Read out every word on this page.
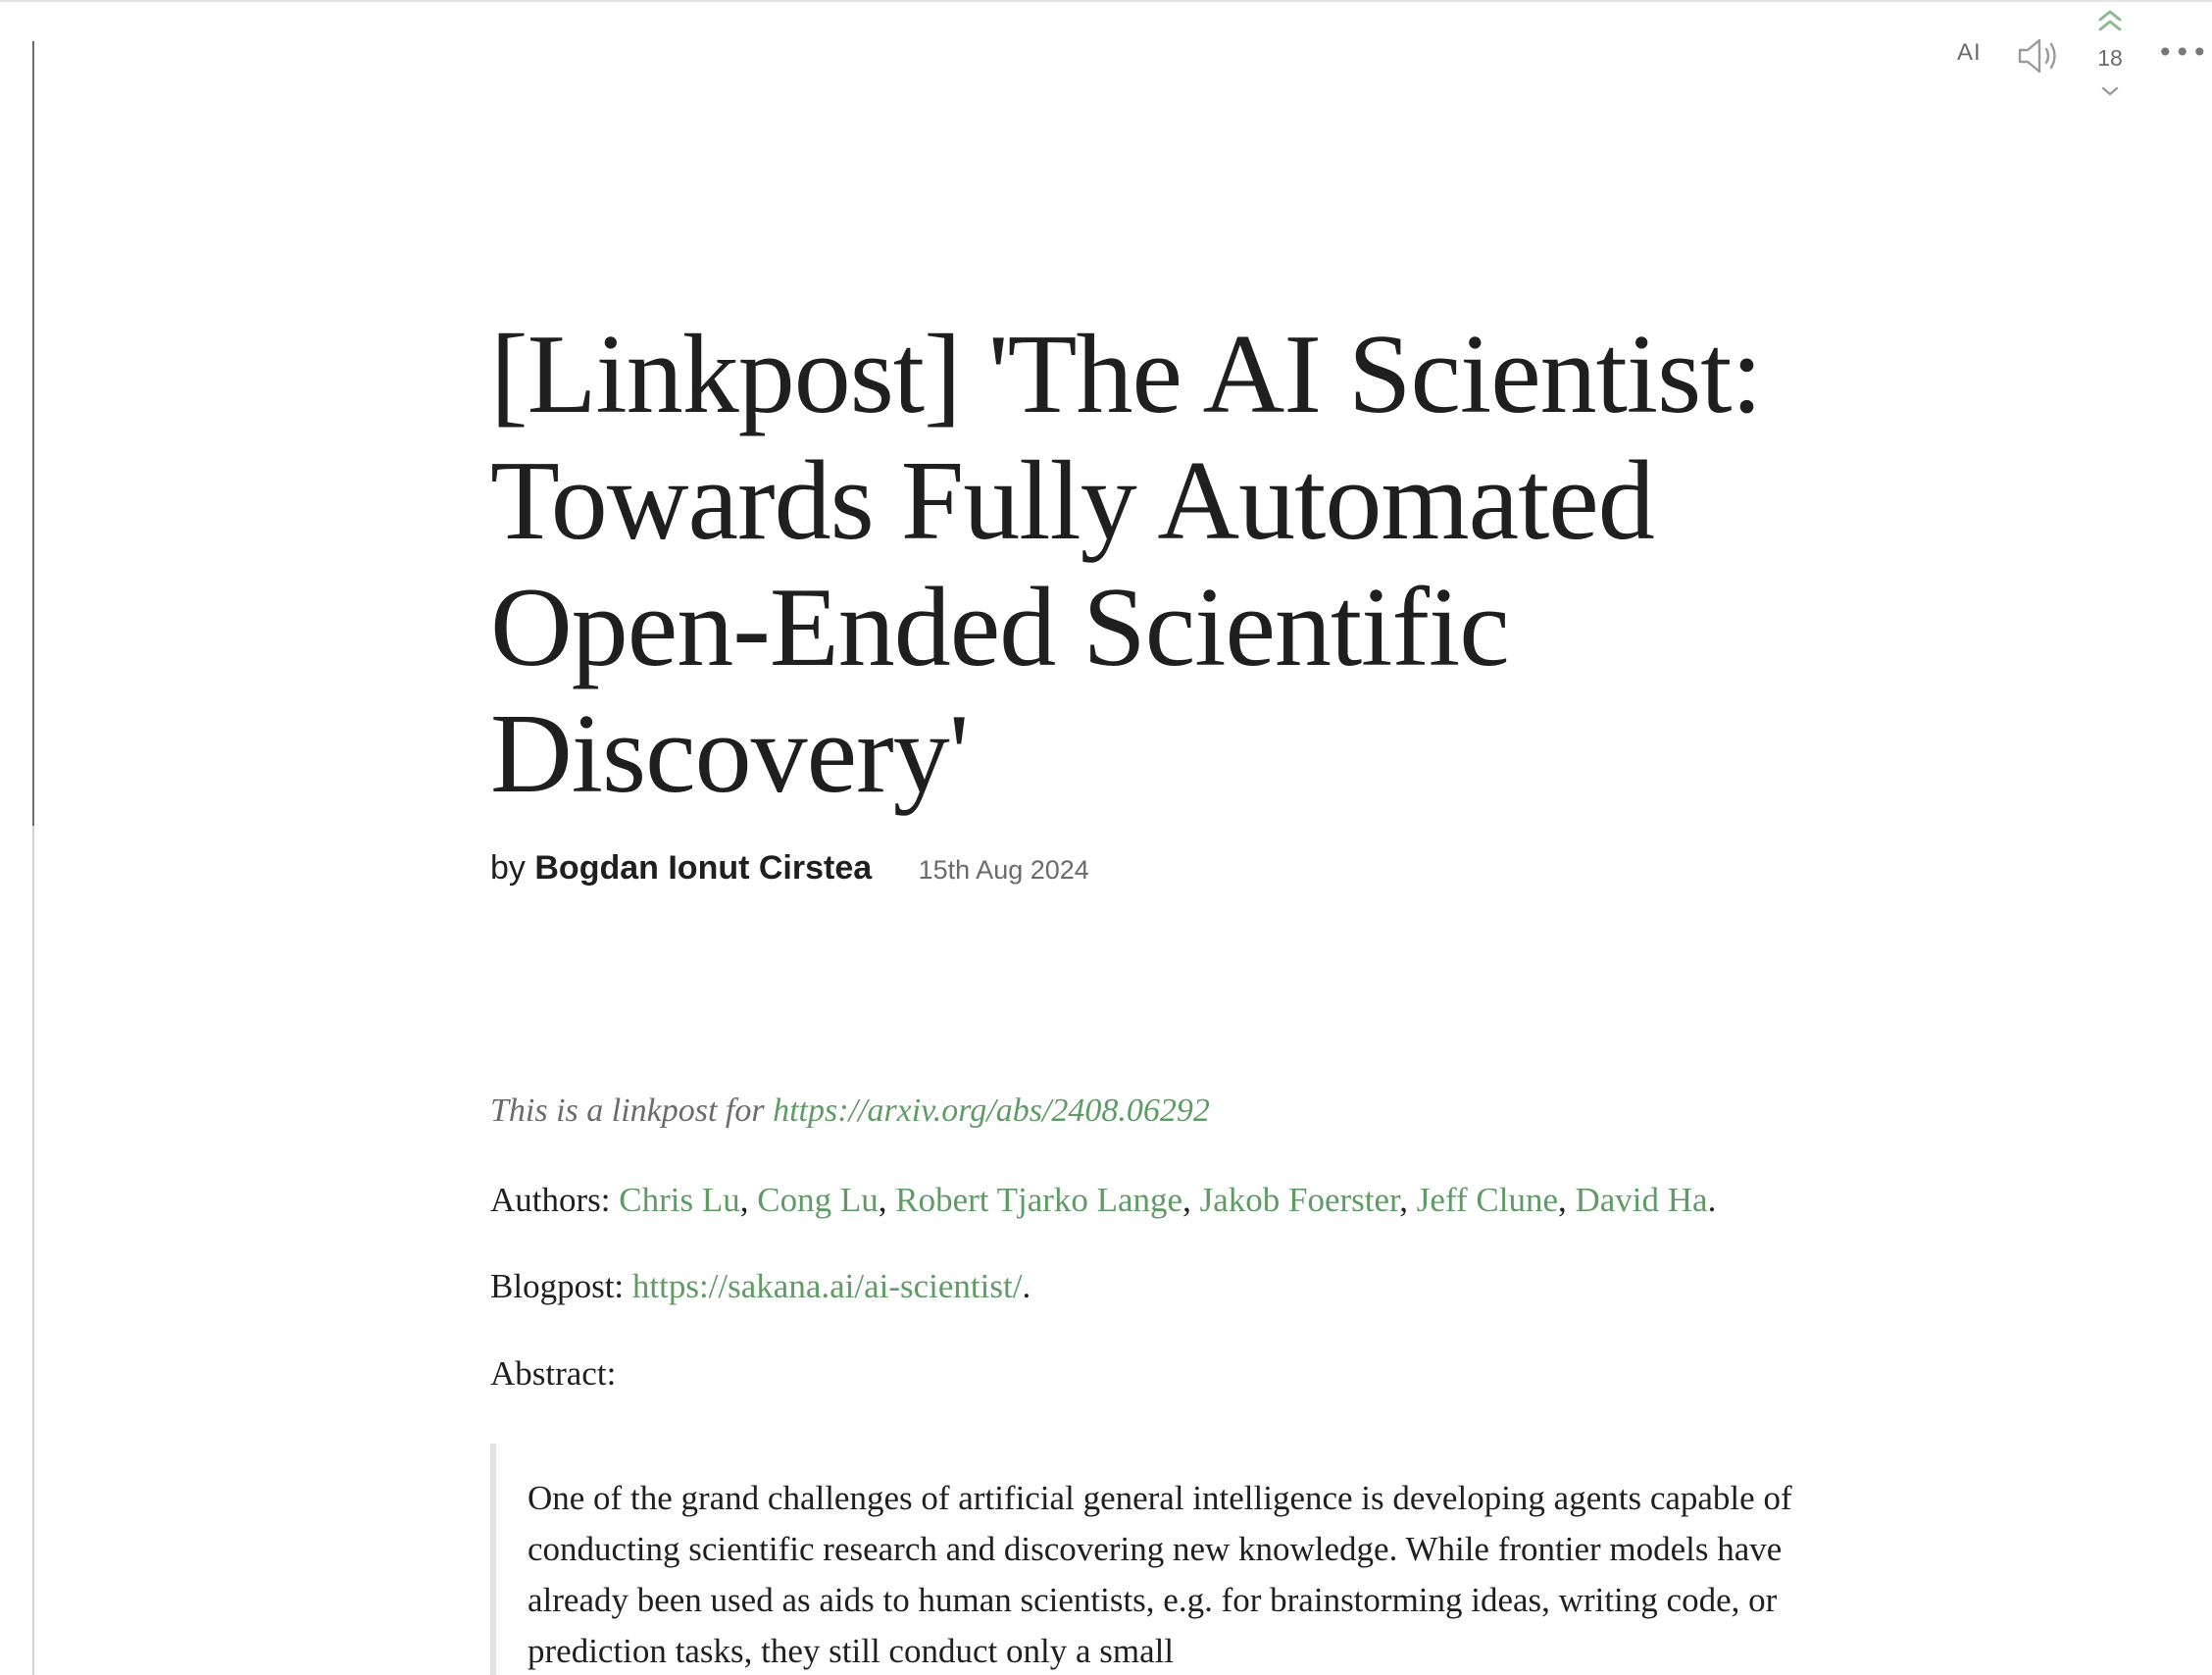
AI	18	•••
[Linkpost] 'The AI Scientist: Towards Fully Automated Open-Ended Scientific Discovery'
by Bogdan Ionut Cirstea 15th Aug 2024
This is a linkpost for https://arxiv.org/abs/2408.06292
Authors: Chris Lu, Cong Lu, Robert Tjarko Lange, Jakob Foerster, Jeff Clune, David Ha.
Blogpost: https://sakana.ai/ai-scientist/.
Abstract:

One of the grand challenges of artificial general intelligence is developing agents capable of conducting scientific research and discovering new knowledge. While frontier models have already been used as aids to human scientists, e.g. for brainstorming ideas, writing code, or prediction tasks, they still conduct only a small
